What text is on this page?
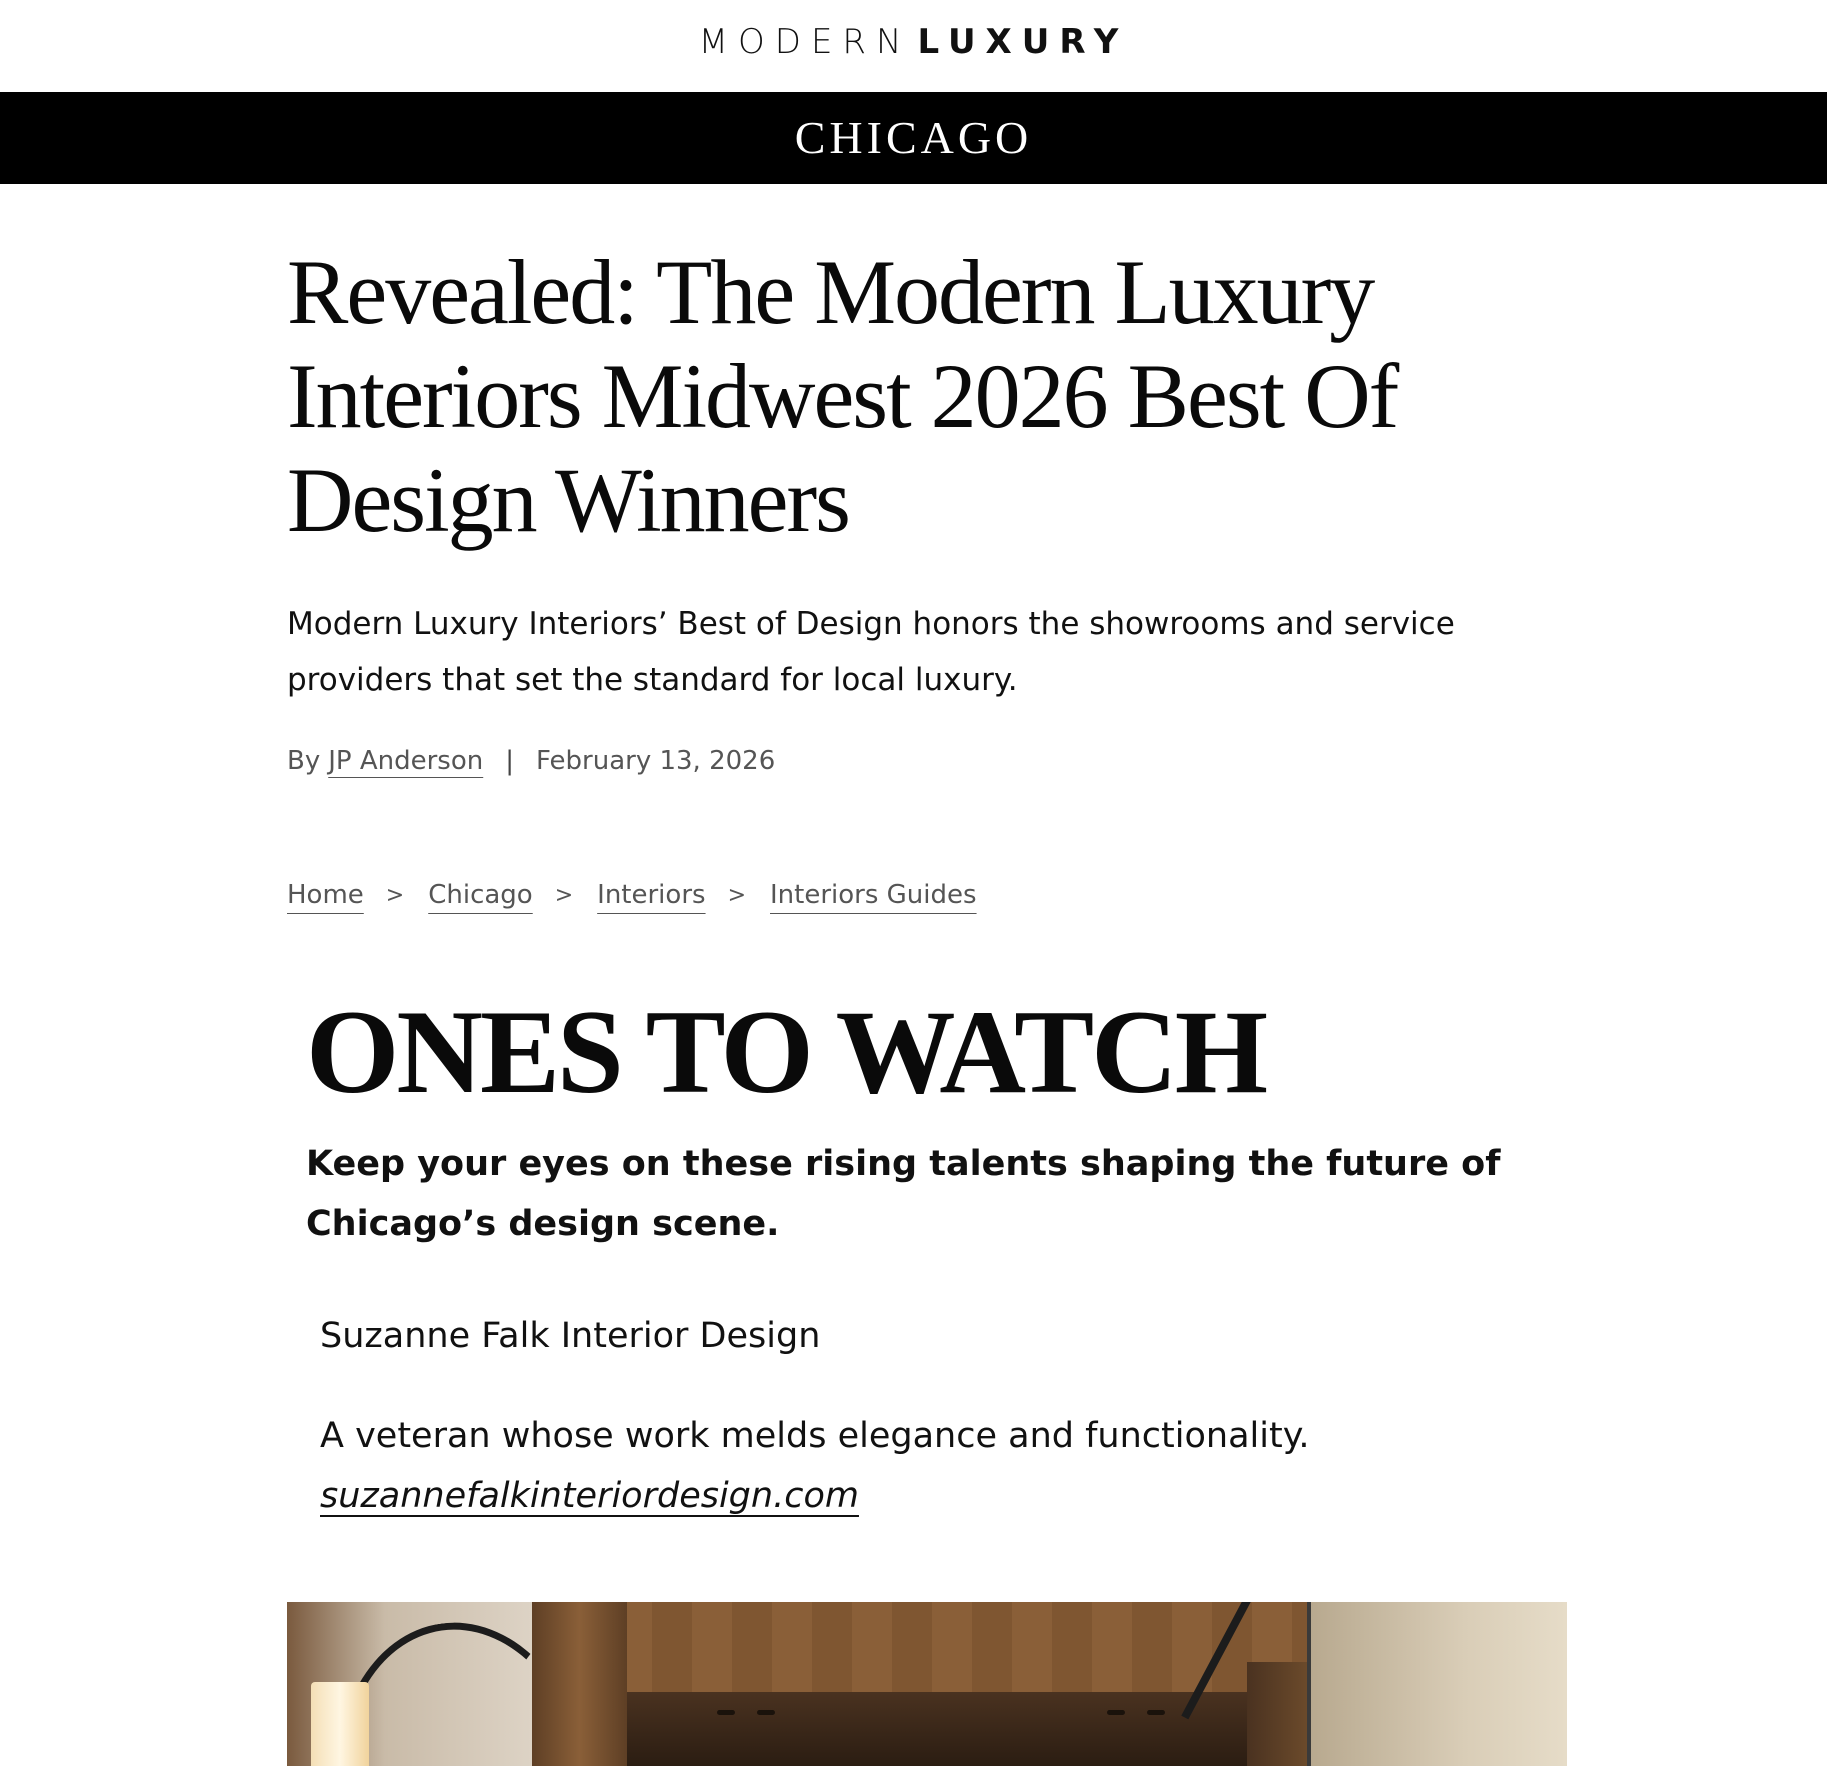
MODERN LUXURY
CHICAGO
Revealed: The Modern Luxury Interiors Midwest 2026 Best Of Design Winners

Modern Luxury Interiors’ Best of Design honors the showrooms and service providers that set the standard for local luxury.

By JP Anderson | February 13, 2026
Home > Chicago > Interiors > Interiors Guides
ONES TO WATCH

Keep your eyes on these rising talents shaping the future of Chicago’s design scene.

Suzanne Falk Interior Design

A veteran whose work melds elegance and functionality.
suzannefalkinteriordesign.com
